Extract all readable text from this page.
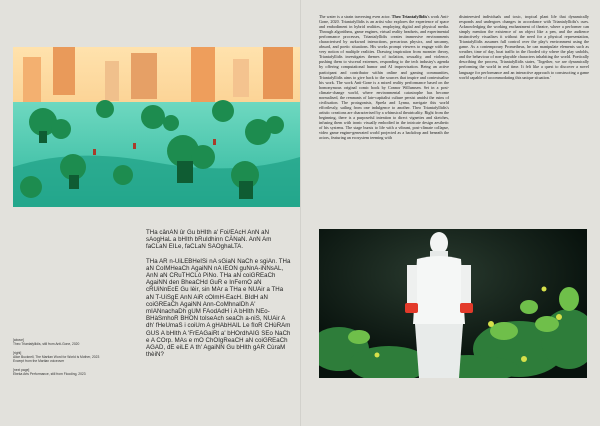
The water is a strain traversing even actor. Theo Triantafyllidis's work Anti-Gone, 2020. Triantafyllidis is an artist who explores the experience of space and embodiment in hybrid realities, employing digital and physical media. Through algorithms, game engines, virtual reality headsets, and experimental performance processes, Triantafyllidis creates immersive environments characterised by awkward interactions, precarious physics, and uncanny, absurd, and poetic situations. His works prompt viewers to engage with the very notion of multiple realities. Drawing inspiration from monster theory, Triantafyllidis investigates themes of isolation, sexuality, and violence, pushing them to visceral extremes, responding to the tech industry's agenda by offering computational humor and AI improvisation. Being an active participant and contributor within online and gaming communities, Triantafyllidis aims to give back to the sources that inspire and contextualise his work. The work Anti-Gone is a mixed reality performance based on the homonymous original comic book by Connor Willumsen. Set in a post-climate-change world, where environmental catastrophe has become normalised, the remnants of late-capitalist culture persist amidst the ruins of civilisation. The protagonists, Sprela and Lynna, navigate this world effortlessly, sailing from one indulgence to another. Theo Triantafyllidis's artistic creations are characterised by a whimsical theatricality. Right from the beginning, there is a purposeful intention to direct vignettes and sketches, infusing them with ironic visually embodied in the intricate design aesthetic of his systems. The stage bursts to life with a vibrant, post-climate collapse, video game engine-generated world projected as a backdrop and beneath the actors, featuring an ecosystem teeming with

disinterested individuals and toxic, tropical plant life that dynamically responds and undergoes changes in accordance with Triantafyllidis's cues. Acknowledging the working enchantment of theatre, where a performer can simply mention the existence of an object like a pen, and the audience instinctively visualises it without the need for a physical representation, Triantafyllidis assumes full control over the play's environment using the game. As a contemporary Prometheus, he can manipulate elements such as weather, time of day, boat traffic in the flooded city where the play unfolds, and the behaviour of non-playable characters inhabiting the world. Poetically describing the process, Triantafyllidis states, 'Together, we are dynamically performing the world in real time. It felt like a quest to discover a novel language for performance and an interactive approach to constructing a game world capable of accommodating this unique situation.'

THa cânAN ûr Gu bHIth a' Foi/EAcH AnN aN sAogHaL a bHIth bRuIdhinn CÀNaN. AnN Am faCLaN EILe, faCLaN SAOghaLTA.

THa AR n-UiLEBHeISi nA sGiaN NaCh e sgiAn. THa aN CoIMHeaCh AgaiNN nA lEON guNnA-iNNsAL, AnN aN CRuTHCLò PiNo. THa aN coiGREaCh AgaiNN den BheaCHd GuR e InFernO aN cRUiNnEcE Gu lèir, sin MAr a THa e NUAir a THa aN T-UiSgE AnN AiR cOlmH-EacH. BIdH aN coiGREaCh AgaiNN Ann-CoMhnaIDh A' mIANnachaDh gUM FAodAdH i A bHIth NEo-BHàSmhoR BHON toIseAch seaCh a-niS, NUAir A dh' fHeUmaS i coiUm A gHAbHAIL Le fIoR CHùRAm GUS A bHIth A 'FrEAGaiRt a' bHOrdhAIG SEo NaCh e A COrp. MAs e mO ChOIgReaCH aN coiGREaCh AGAD, dE eiLE A th' AgaiNN Gu bHIth gAR CùraM thèiN?

[above]
Theo Triantafyllidis, still from Anti-Gone, 2020
[right]
Alice Bucknell, The Martian Word for World is Mother, 2023
Excerpt from the Martian voiceover
[next page]
Ebeka Arts Performance, still from Flooding, 2023
